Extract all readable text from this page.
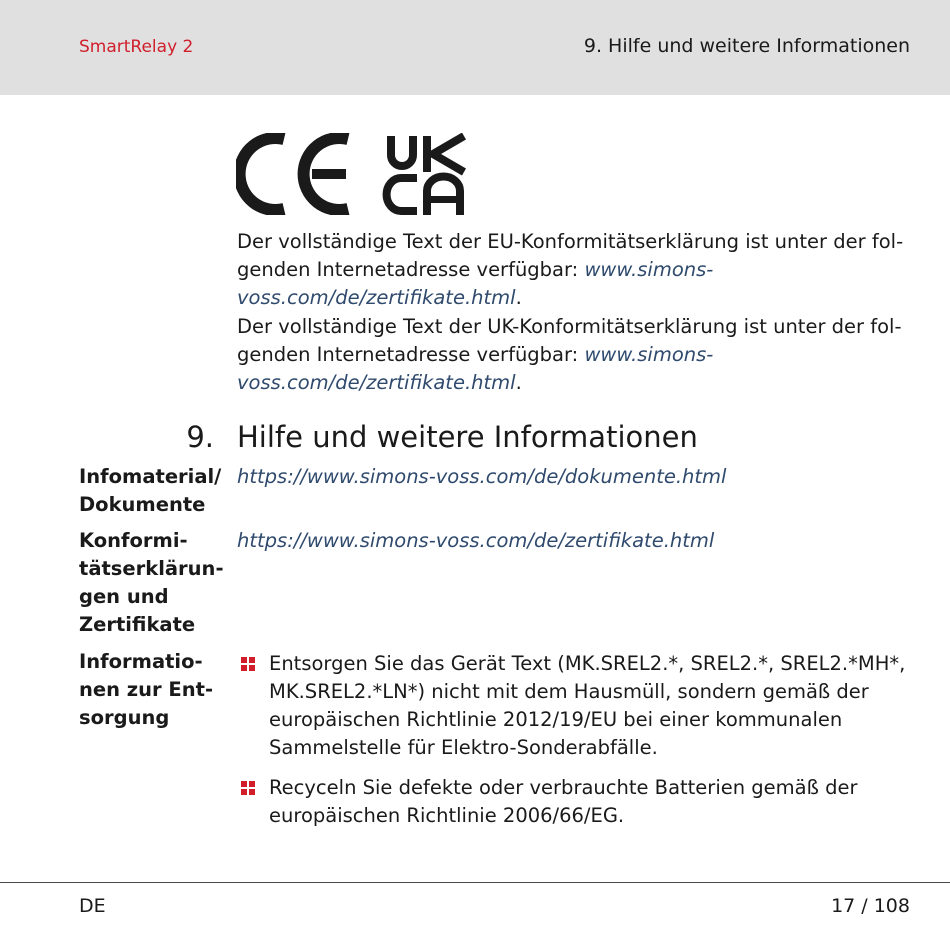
SmartRelay 2	9. Hilfe und weitere Informationen

Der vollständige Text der EU-Konformitätserklärung ist unter der folgenden Internetadresse verfügbar: www.simons-voss.com/de/zertifikate.html.

Der vollständige Text der UK-Konformitätserklärung ist unter der folgenden Internetadresse verfügbar: www.simons-voss.com/de/zertifikate.html.

9. Hilfe und weitere Informationen
Infomaterial/ Dokumente
https://www.simons-voss.com/de/dokumente.html
Konformitätserklärungen und Zertifikate
https://www.simons-voss.com/de/zertifikate.html
Informationen zur Entsorgung
Entsorgen Sie das Gerät Text (MK.SREL2.*, SREL2.*, SREL2.*MH*, MK.SREL2.*LN*) nicht mit dem Hausmüll, sondern gemäß der europäischen Richtlinie 2012/19/EU bei einer kommunalen Sammelstelle für Elektro-Sonderabfälle.
Recyceln Sie defekte oder verbrauchte Batterien gemäß der europäischen Richtlinie 2006/66/EG.
DE	17 / 108
